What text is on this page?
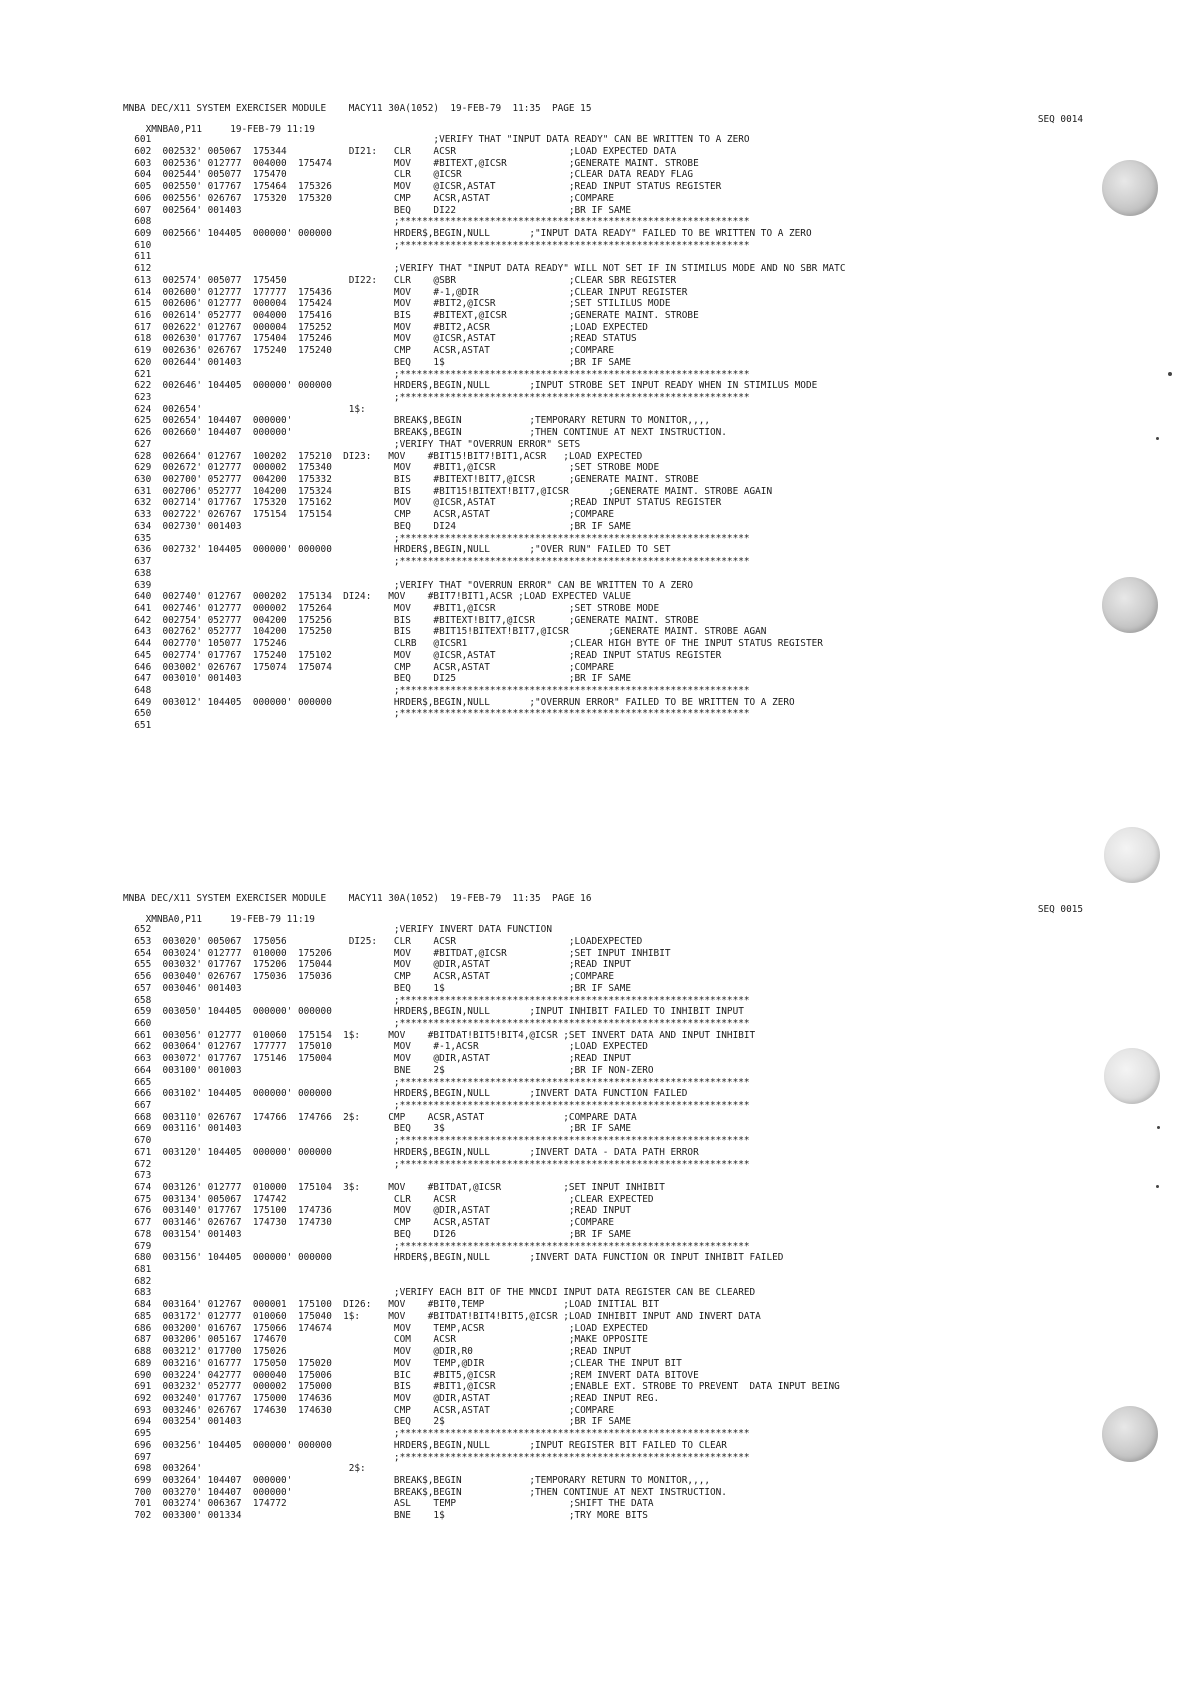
MNBA DEC/X11 SYSTEM EXERCISER MODULE    MACY11 30A(1052)  19-FEB-79  11:35  PAGE 15

XMNBA0,P11     19-FEB-79 11:19

SEQ 0014

601                                                  ;VERIFY THAT "INPUT DATA READY" CAN BE WRITTEN TO A ZERO
602  002532' 005067  175344           DI21:   CLR    ACSR                    ;LOAD EXPECTED DATA
603  002536' 012777  004000  175474           MOV    #BITEXT,@ICSR           ;GENERATE MAINT. STROBE
604  002544' 005077  175470                   CLR    @ICSR                   ;CLEAR DATA READY FLAG
605  002550' 017767  175464  175326           MOV    @ICSR,ASTAT             ;READ INPUT STATUS REGISTER
606  002556' 026767  175320  175320           CMP    ACSR,ASTAT              ;COMPARE
607  002564' 001403                           BEQ    DI22                    ;BR IF SAME
608                                           ;**************************************************************
609  002566' 104405  000000' 000000           HRDER$,BEGIN,NULL       ;"INPUT DATA READY" FAILED TO BE WRITTEN TO A ZERO
610                                           ;**************************************************************
611
612                                           ;VERIFY THAT "INPUT DATA READY" WILL NOT SET IF IN STIMILUS MODE AND NO SBR MATC
613  002574' 005077  175450           DI22:   CLR    @SBR                    ;CLEAR SBR REGISTER
614  002600' 012777  177777  175436           MOV    #-1,@DIR                ;CLEAR INPUT REGISTER
615  002606' 012777  000004  175424           MOV    #BIT2,@ICSR             ;SET STILILUS MODE
616  002614' 052777  004000  175416           BIS    #BITEXT,@ICSR           ;GENERATE MAINT. STROBE
617  002622' 012767  000004  175252           MOV    #BIT2,ACSR              ;LOAD EXPECTED
618  002630' 017767  175404  175246           MOV    @ICSR,ASTAT             ;READ STATUS
619  002636' 026767  175240  175240           CMP    ACSR,ASTAT              ;COMPARE
620  002644' 001403                           BEQ    1$                      ;BR IF SAME
621                                           ;**************************************************************
622  002646' 104405  000000' 000000           HRDER$,BEGIN,NULL       ;INPUT STROBE SET INPUT READY WHEN IN STIMILUS MODE
623                                           ;**************************************************************
624  002654'                          1$:
625  002654' 104407  000000'                  BREAK$,BEGIN            ;TEMPORARY RETURN TO MONITOR,,,,
626  002660' 104407  000000'                  BREAK$,BEGIN            ;THEN CONTINUE AT NEXT INSTRUCTION.
627                                           ;VERIFY THAT "OVERRUN ERROR" SETS
628  002664' 012767  100202  175210  DI23:   MOV    #BIT15!BIT7!BIT1,ACSR   ;LOAD EXPECTED
629  002672' 012777  000002  175340           MOV    #BIT1,@ICSR             ;SET STROBE MODE
630  002700' 052777  004200  175332           BIS    #BITEXT!BIT7,@ICSR      ;GENERATE MAINT. STROBE
631  002706' 052777  104200  175324           BIS    #BIT15!BITEXT!BIT7,@ICSR       ;GENERATE MAINT. STROBE AGAIN
632  002714' 017767  175320  175162           MOV    @ICSR,ASTAT             ;READ INPUT STATUS REGISTER
633  002722' 026767  175154  175154           CMP    ACSR,ASTAT              ;COMPARE
634  002730' 001403                           BEQ    DI24                    ;BR IF SAME
635                                           ;**************************************************************
636  002732' 104405  000000' 000000           HRDER$,BEGIN,NULL       ;"OVER RUN" FAILED TO SET
637                                           ;**************************************************************
638
639                                           ;VERIFY THAT "OVERRUN ERROR" CAN BE WRITTEN TO A ZERO
640  002740' 012767  000202  175134  DI24:   MOV    #BIT7!BIT1,ACSR ;LOAD EXPECTED VALUE
641  002746' 012777  000002  175264           MOV    #BIT1,@ICSR             ;SET STROBE MODE
642  002754' 052777  004200  175256           BIS    #BITEXT!BIT7,@ICSR      ;GENERATE MAINT. STROBE
643  002762' 052777  104200  175250           BIS    #BIT15!BITEXT!BIT7,@ICSR       ;GENERATE MAINT. STROBE AGAN
644  002770' 105077  175246                   CLRB   @ICSR1                  ;CLEAR HIGH BYTE OF THE INPUT STATUS REGISTER
645  002774' 017767  175240  175102           MOV    @ICSR,ASTAT             ;READ INPUT STATUS REGISTER
646  003002' 026767  175074  175074           CMP    ACSR,ASTAT              ;COMPARE
647  003010' 001403                           BEQ    DI25                    ;BR IF SAME
648                                           ;**************************************************************
649  003012' 104405  000000' 000000           HRDER$,BEGIN,NULL       ;"OVERRUN ERROR" FAILED TO BE WRITTEN TO A ZERO
650                                           ;**************************************************************
651
MNBA DEC/X11 SYSTEM EXERCISER MODULE    MACY11 30A(1052)  19-FEB-79  11:35  PAGE 16

XMNBA0,P11     19-FEB-79 11:19

SEQ 0015

652                                           ;VERIFY INVERT DATA FUNCTION
653  003020' 005067  175056           DI25:   CLR    ACSR                    ;LOADEXPECTED
654  003024' 012777  010000  175206           MOV    #BITDAT,@ICSR           ;SET INPUT INHIBIT
655  003032' 017767  175206  175044           MOV    @DIR,ASTAT              ;READ INPUT
656  003040' 026767  175036  175036           CMP    ACSR,ASTAT              ;COMPARE
657  003046' 001403                           BEQ    1$                      ;BR IF SAME
658                                           ;**************************************************************
659  003050' 104405  000000' 000000           HRDER$,BEGIN,NULL       ;INPUT INHIBIT FAILED TO INHIBIT INPUT
660                                           ;**************************************************************
661  003056' 012777  010060  175154  1$:     MOV    #BITDAT!BIT5!BIT4,@ICSR ;SET INVERT DATA AND INPUT INHIBIT
662  003064' 012767  177777  175010           MOV    #-1,ACSR                ;LOAD EXPECTED
663  003072' 017767  175146  175004           MOV    @DIR,ASTAT              ;READ INPUT
664  003100' 001003                           BNE    2$                      ;BR IF NON-ZERO
665                                           ;**************************************************************
666  003102' 104405  000000' 000000           HRDER$,BEGIN,NULL       ;INVERT DATA FUNCTION FAILED
667                                           ;**************************************************************
668  003110' 026767  174766  174766  2$:     CMP    ACSR,ASTAT              ;COMPARE DATA
669  003116' 001403                           BEQ    3$                      ;BR IF SAME
670                                           ;**************************************************************
671  003120' 104405  000000' 000000           HRDER$,BEGIN,NULL       ;INVERT DATA - DATA PATH ERROR
672                                           ;**************************************************************
673
674  003126' 012777  010000  175104  3$:     MOV    #BITDAT,@ICSR           ;SET INPUT INHIBIT
675  003134' 005067  174742                   CLR    ACSR                    ;CLEAR EXPECTED
676  003140' 017767  175100  174736           MOV    @DIR,ASTAT              ;READ INPUT
677  003146' 026767  174730  174730           CMP    ACSR,ASTAT              ;COMPARE
678  003154' 001403                           BEQ    DI26                    ;BR IF SAME
679                                           ;**************************************************************
680  003156' 104405  000000' 000000           HRDER$,BEGIN,NULL       ;INVERT DATA FUNCTION OR INPUT INHIBIT FAILED
681
682
683                                           ;VERIFY EACH BIT OF THE MNCDI INPUT DATA REGISTER CAN BE CLEARED
684  003164' 012767  000001  175100  DI26:   MOV    #BIT0,TEMP              ;LOAD INITIAL BIT
685  003172' 012777  010060  175040  1$:     MOV    #BITDAT!BIT4!BIT5,@ICSR ;LOAD INHIBIT INPUT AND INVERT DATA
686  003200' 016767  175066  174674           MOV    TEMP,ACSR               ;LOAD EXPECTED
687  003206' 005167  174670                   COM    ACSR                    ;MAKE OPPOSITE
688  003212' 017700  175026                   MOV    @DIR,R0                 ;READ INPUT
689  003216' 016777  175050  175020           MOV    TEMP,@DIR               ;CLEAR THE INPUT BIT
690  003224' 042777  000040  175006           BIC    #BIT5,@ICSR             ;REM INVERT DATA BITOVE
691  003232' 052777  000002  175000           BIS    #BIT1,@ICSR             ;ENABLE EXT. STROBE TO PREVENT  DATA INPUT BEING
692  003240' 017767  175000  174636           MOV    @DIR,ASTAT              ;READ INPUT REG.
693  003246' 026767  174630  174630           CMP    ACSR,ASTAT              ;COMPARE
694  003254' 001403                           BEQ    2$                      ;BR IF SAME
695                                           ;**************************************************************
696  003256' 104405  000000' 000000           HRDER$,BEGIN,NULL       ;INPUT REGISTER BIT FAILED TO CLEAR
697                                           ;**************************************************************
698  003264'                          2$:
699  003264' 104407  000000'                  BREAK$,BEGIN            ;TEMPORARY RETURN TO MONITOR,,,,
700  003270' 104407  000000'                  BREAK$,BEGIN            ;THEN CONTINUE AT NEXT INSTRUCTION.
701  003274' 006367  174772                   ASL    TEMP                    ;SHIFT THE DATA
702  003300' 001334                           BNE    1$                      ;TRY MORE BITS
